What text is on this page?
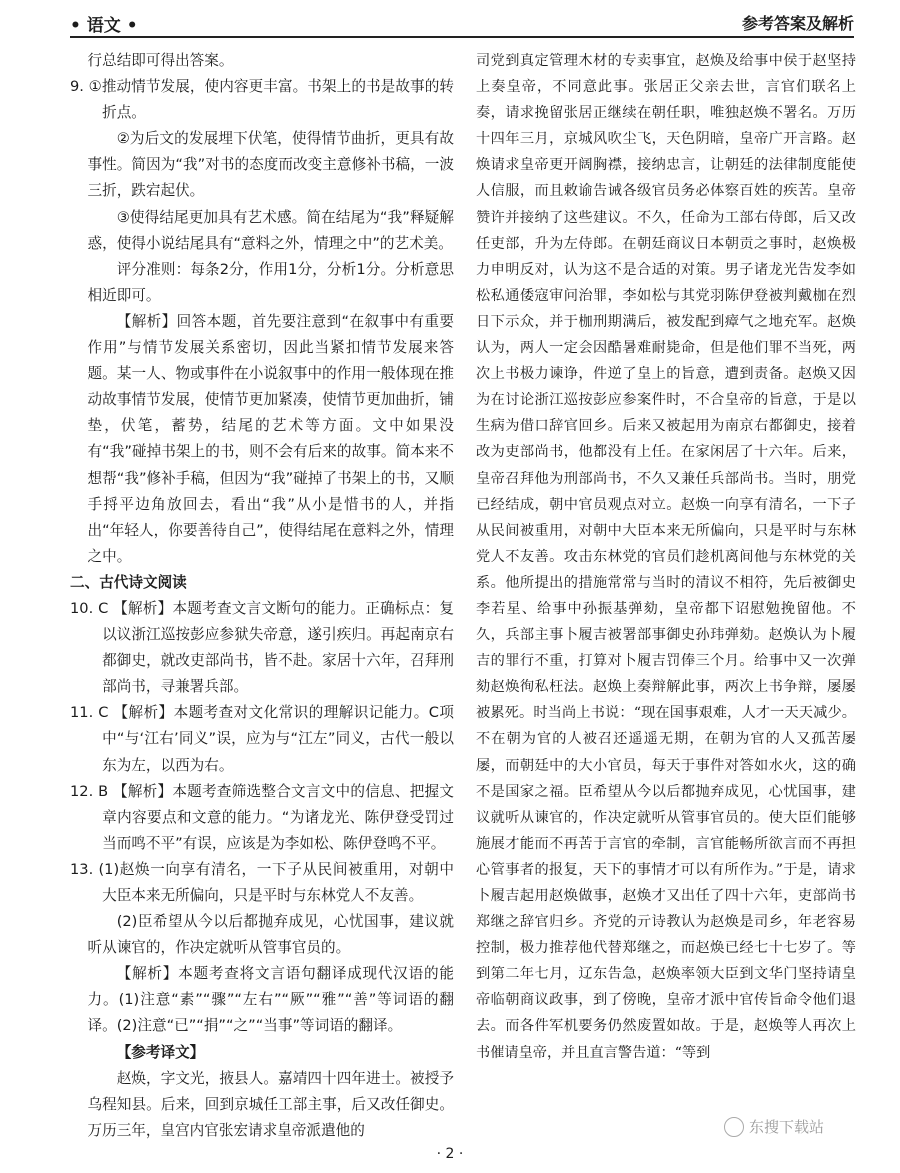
• 语文 •	参考答案及解析

行总结即可得出答案。

9. ①推动情节发展，使内容更丰富。书架上的书是故事的转折点。

②为后文的发展埋下伏笔，使得情节曲折，更具有故事性。简因为“我”对书的态度而改变主意修补书稿，一波三折，跌宕起伏。

③使得结尾更加具有艺术感。简在结尾为“我”释疑解惑，使得小说结尾具有“意料之外，情理之中”的艺术美。

评分准则：每条2分，作用1分，分析1分。分析意思相近即可。

【解析】回答本题，首先要注意到“在叙事中有重要作用”与情节发展关系密切，因此当紧扣情节发展来答题。某一人、物或事件在小说叙事中的作用一般体现在推动故事情节发展，使情节更加紧凑，使情节更加曲折，铺垫，伏笔，蓄势，结尾的艺术等方面。文中如果没有“我”碰掉书架上的书，则不会有后来的故事。简本来不想帮“我”修补手稿，但因为“我”碰掉了书架上的书，又顺手捋平边角放回去，看出“我”从小是惜书的人，并指出“年轻人，你要善待自己”，使得结尾在意料之外，情理之中。

二、古代诗文阅读

10. C 【解析】本题考查文言文断句的能力。正确标点：复以议浙江巡按彭应参狱失帝意，遂引疾归。再起南京右都御史，就改吏部尚书，皆不赴。家居十六年，召拜刑部尚书，寻兼署兵部。

11. C 【解析】本题考查对文化常识的理解识记能力。C项中“与‘江右’同义”误，应为与“江左”同义，古代一般以东为左，以西为右。

12. B 【解析】本题考查筛选整合文言文中的信息、把握文章内容要点和文意的能力。“为诸龙光、陈伊登受罚过当而鸣不平”有误，应该是为李如松、陈伊登鸣不平。

13. (1)赵焕一向享有清名，一下子从民间被重用，对朝中大臣本来无所偏向，只是平时与东林党人不友善。

(2)臣希望从今以后都抛弃成见，心忧国事，建议就听从谏官的，作决定就听从管事官员的。

【解析】本题考查将文言语句翻译成现代汉语的能力。(1)注意“素”“骤”“左右”“厥”“雅”“善”等词语的翻译。(2)注意“已”“捐”“之”“当事”等词语的翻译。

【参考译文】

赵焕，字文光，掖县人。嘉靖四十四年进士。被授予乌程知县。后来，回到京城任工部主事，后又改任御史。万历三年，皇宫内官张宏请求皇帝派遣他的

司党到真定管理木材的专卖事宜，赵焕及给事中侯于赵坚持上奏皇帝，不同意此事。张居正父亲去世，言官们联名上奏，请求挽留张居正继续在朝任职，唯独赵焕不署名。万历十四年三月，京城风吹尘飞，天色阴暗，皇帝广开言路。赵焕请求皇帝更开阔胸襟，接纳忠言，让朝廷的法律制度能使人信服，而且敕谕告诫各级官员务必体察百姓的疾苦。皇帝赞许并接纳了这些建议。不久，任命为工部右侍郎，后又改任吏部，升为左侍郎。在朝廷商议日本朝贡之事时，赵焕极力申明反对，认为这不是合适的对策。男子诸龙光告发李如松私通倭寇审问治罪，李如松与其党羽陈伊登被判戴枷在烈日下示众，并于枷刑期满后，被发配到瘴气之地充军。赵焕认为，两人一定会因酷暑难耐毙命，但是他们罪不当死，两次上书极力谏诤，件逆了皇上的旨意，遭到责备。赵焕又因为在讨论浙江巡按彭应参案件时，不合皇帝的旨意，于是以生病为借口辞官回乡。后来又被起用为南京右都御史，接着改为吏部尚书，他都没有上任。在家闲居了十六年。后来，皇帝召拜他为刑部尚书，不久又兼任兵部尚书。当时，朋党已经结成，朝中官员观点对立。赵焕一向享有清名，一下子从民间被重用，对朝中大臣本来无所偏向，只是平时与东林党人不友善。攻击东林党的官员们趁机离间他与东林党的关系。他所提出的措施常常与当时的清议不相符，先后被御史李若星、给事中孙振基弹劾，皇帝都下诏慰勉挽留他。不久，兵部主事卜履吉被署部事御史孙玮弹劾。赵焕认为卜履吉的罪行不重，打算对卜履吉罚俸三个月。给事中又一次弹劾赵焕徇私枉法。赵焕上奏辩解此事，两次上书争辩，屡屡被累死。时当尚上书说：“现在国事艰难，人才一天天减少。不在朝为官的人被召还遥遥无期，在朝为官的人又孤苦屡屡，而朝廷中的大小官员，每天于事件对答如水火，这的确不是国家之福。臣希望从今以后都抛弃成见，心忧国事，建议就听从谏官的，作决定就听从管事官员的。使大臣们能够施展才能而不再苦于言官的牵制，言官能畅所欲言而不再担心管事者的报复，天下的事情才可以有所作为。”于是，请求卜履吉起用赵焕做事，赵焕才又出任了四十六年，吏部尚书郑继之辞官归乡。齐党的亓诗教认为赵焕是司乡，年老容易控制，极力推荐他代替郑继之，而赵焕已经七十七岁了。等到第二年七月，辽东告急，赵焕率领大臣到文华门坚持请皇帝临朝商议政事，到了傍晚，皇帝才派中官传旨命令他们退去。而各件军机要务仍然废置如故。于是，赵焕等人再次上书催请皇帝，并且直言警告道：“等到

· 2 ·
东搜下载站
